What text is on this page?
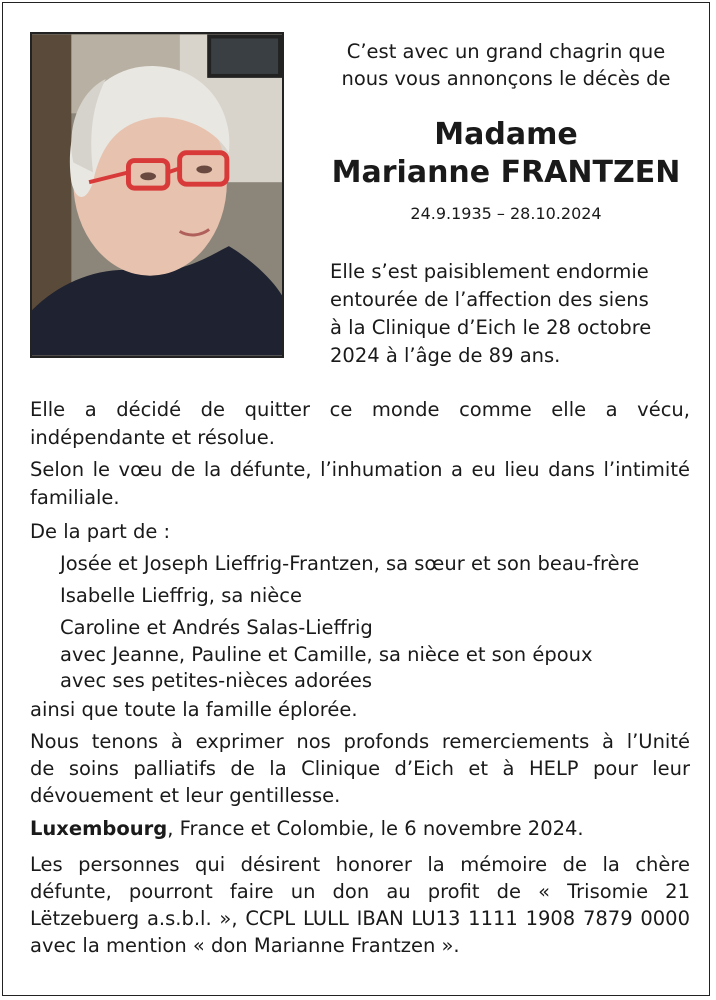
C’est avec un grand chagrin que
nous vous annonçons le décès de
Madame
Marianne FRANTZEN
24.9.1935 – 28.10.2024
Elle s’est paisiblement endormie
entourée de l’affection des siens
à la Clinique d’Eich le 28 octobre
2024 à l’âge de 89 ans.

Elle a décidé de quitter ce monde comme elle a vécu,
indépendante et résolue.

Selon le vœu de la défunte, l’inhumation a eu lieu dans l’intimité
familiale.

De la part de :

Josée et Joseph Lieffrig-Frantzen, sa sœur et son beau-frère

Isabelle Lieffrig, sa nièce

Caroline et Andrés Salas-Lieffrig
avec Jeanne, Pauline et Camille, sa nièce et son époux
avec ses petites-nièces adorées

ainsi que toute la famille éplorée.

Nous tenons à exprimer nos profonds remerciements à l’Unité
de soins palliatifs de la Clinique d’Eich et à HELP pour leur
dévouement et leur gentillesse.

Luxembourg, France et Colombie, le 6 novembre 2024.

Les personnes qui désirent honorer la mémoire de la chère
défunte, pourront faire un don au profit de « Trisomie 21
Lëtzebuerg a.s.b.l. », CCPL LULL IBAN LU13 1111 1908 7879 0000
avec la mention « don Marianne Frantzen ».
